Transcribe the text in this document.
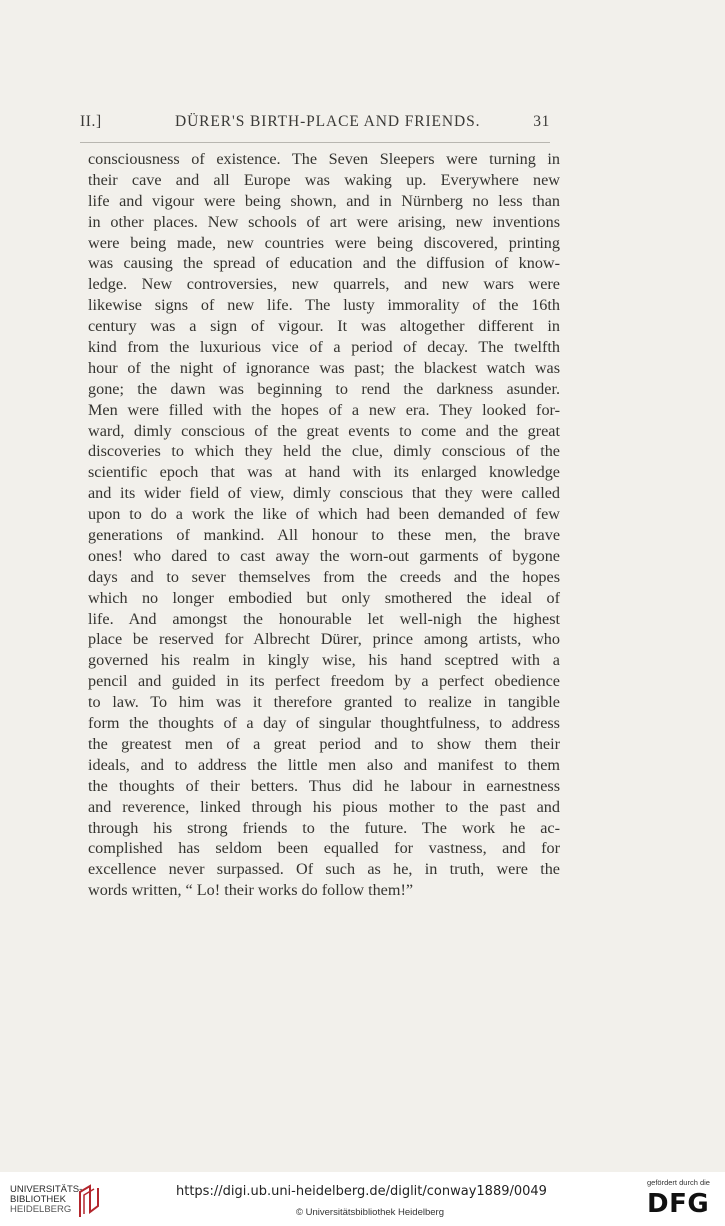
II.]	DÜRER'S BIRTH-PLACE AND FRIENDS.	31
consciousness of existence. The Seven Sleepers were turning in
their cave and all Europe was waking up. Everywhere new
life and vigour were being shown, and in Nürnberg no less than
in other places. New schools of art were arising, new inventions
were being made, new countries were being discovered, printing
was causing the spread of education and the diffusion of know-
ledge. New controversies, new quarrels, and new wars were
likewise signs of new life. The lusty immorality of the 16th
century was a sign of vigour. It was altogether different in
kind from the luxurious vice of a period of decay. The twelfth
hour of the night of ignorance was past; the blackest watch was
gone; the dawn was beginning to rend the darkness asunder.
Men were filled with the hopes of a new era. They looked for-
ward, dimly conscious of the great events to come and the great
discoveries to which they held the clue, dimly conscious of the
scientific epoch that was at hand with its enlarged knowledge
and its wider field of view, dimly conscious that they were called
upon to do a work the like of which had been demanded of few
generations of mankind. All honour to these men, the brave
ones! who dared to cast away the worn-out garments of bygone
days and to sever themselves from the creeds and the hopes
which no longer embodied but only smothered the ideal of
life. And amongst the honourable let well-nigh the highest
place be reserved for Albrecht Dürer, prince among artists, who
governed his realm in kingly wise, his hand sceptred with a
pencil and guided in its perfect freedom by a perfect obedience
to law. To him was it therefore granted to realize in tangible
form the thoughts of a day of singular thoughtfulness, to address
the greatest men of a great period and to show them their
ideals, and to address the little men also and manifest to them
the thoughts of their betters. Thus did he labour in earnestness
and reverence, linked through his pious mother to the past and
through his strong friends to the future. The work he ac-
complished has seldom been equalled for vastness, and for
excellence never surpassed. Of such as he, in truth, were the
words written, “ Lo! their works do follow them!”
UNIVERSITÄTS-
BIBLIOTHEK
HEIDELBERG
https://digi.ub.uni-heidelberg.de/diglit/conway1889/0049
© Universitätsbibliothek Heidelberg
gefördert durch die
DFG
